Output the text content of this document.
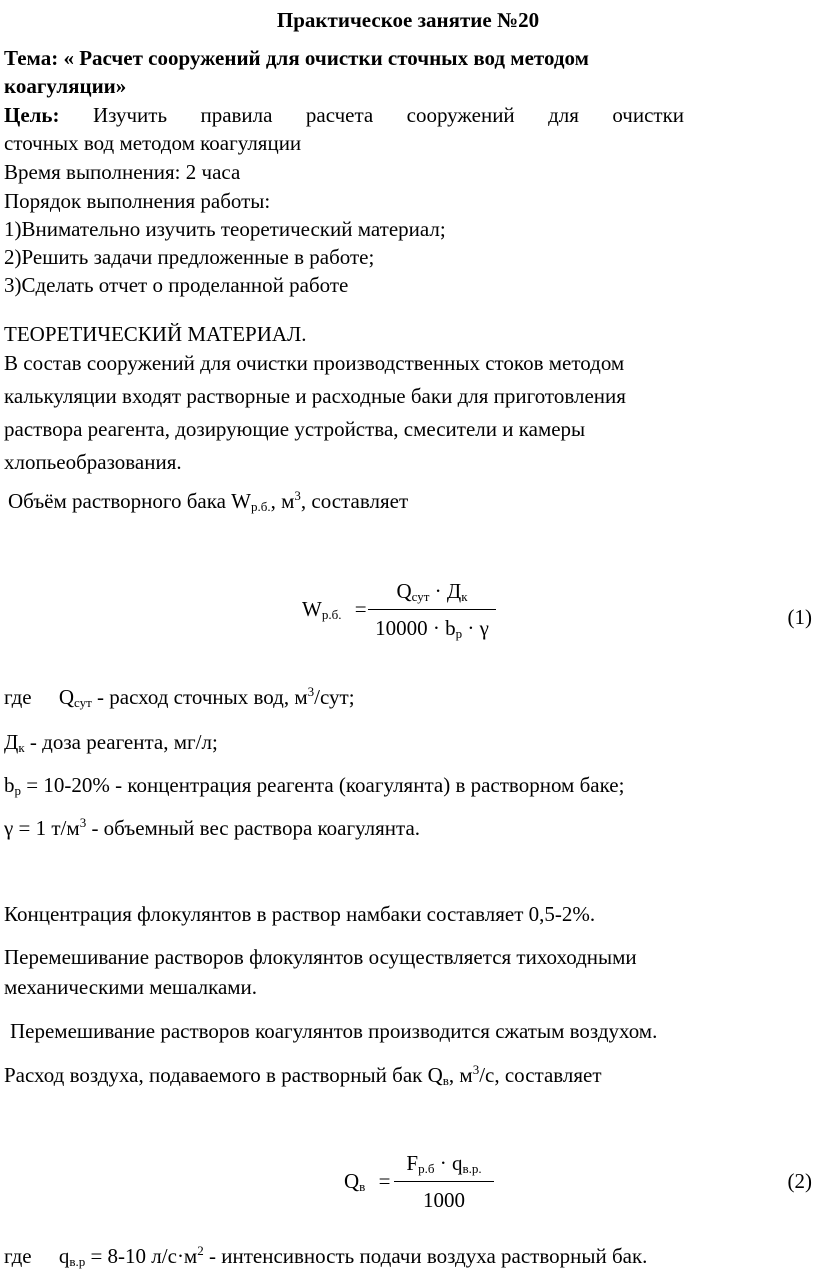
Практическое занятие №20
Тема: « Расчет сооружений для очистки сточных вод методом
коагуляции»
Цель: Изучить правила расчета сооружений для очистки
сточных вод методом коагуляции
Время выполнения: 2 часа
Порядок выполнения работы:
1)Внимательно изучить теоретический материал;
2)Решить задачи предложенные в работе;
3)Сделать отчет о проделанной работе
ТЕОРЕТИЧЕСКИЙ МАТЕРИАЛ.
В состав сооружений для очистки производственных стоков методом
калькуляции входят растворные и расходные баки для приготовления
раствора реагента, дозирующие устройства, смесители и камеры
хлопьеобразования.
Объём растворного бака $W_{р.б.}$, $м^3$, составляет
$W_{р.б.}$ =
$Q_{сут} \cdot Д_к$
$10000 \cdot b_р \cdot \gamma$	(1)
где $Q_{сут}$ - расход сточных вод, $м^3$/сут;
$Д_к$ - доза реагента, мг/л;
$b_р = 10-20\%$ - концентрация реагента (коагулянта) в растворном баке;
γ = 1 $т/м^3$ - объемный вес раствора коагулянта.
Концентрация флокулянтов в раствор намбаки составляет 0,5-2%.
Перемешивание растворов флокулянтов осуществляется тихоходными
механическими мешалками.
Перемешивание растворов коагулянтов производится сжатым воздухом.
Расход воздуха, подаваемого в растворный бак $Q_в$, $м^3/с$, составляет
$Q_в$ =
$F_{р.б} \cdot q_{в.р.}$
1000
(2)
где $q_{в.р} = 8-10$ $л/с\cdot м^2$ - интенсивность подачи воздуха растворный бак.
